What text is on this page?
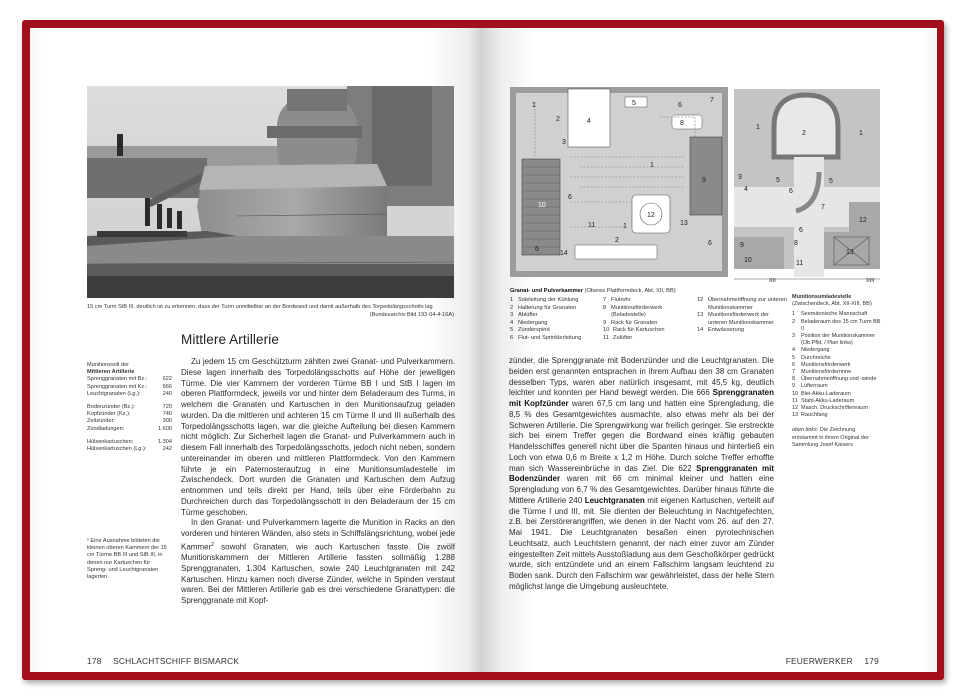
15 cm Turm StB III, deutlich ist zu erkennen, dass der Turm unmittelbar an der Bordwand und damit außerhalb des Torpedolängsschotts lag
(Bundesarchiv Bild 193-04-4-16A)
Mittlere Artillerie
Munitionssoll der
Mittleren Artillerie
Sprenggranaten mit Bz.:	622
Sprenggranaten mit Kz.:	666
Leuchtgranaten (Lg.):	240
Bodenzünder (Bz.):	720
Kopfzünder (Kz.):	740
Zeitzünder:	300
Zündladungen:	1.600
Hülsenkartuschen:	1.304
Hülsenkartuschen (Lg.):	242
² Eine Ausnahme bildeten die kleinen oberen Kammern der 15 cm Türme BB III und StB III, in denen nur Kartuschen für Spreng- und Leuchtgranaten lagerten.

Zu jedem 15 cm Geschützturm zählten zwei Granat- und Pulverkammern. Diese lagen innerhalb des Torpedolängsschotts auf Höhe der jeweiligen Türme. Die vier Kammern der vorderen Türme BB I und StB I lagen im oberen Plattformdeck, jeweils vor und hinter dem Beladeraum des Turms, in welchem die Granaten und Kartuschen in den Munitionsaufzug geladen wurden. Da die mittleren und achteren 15 cm Türme II und III außerhalb des Torpedolängsschotts lagen, war die gleiche Aufteilung bei diesen Kammern nicht möglich. Zur Sicherheit lagen die Granat- und Pulverkammern auch in diesem Fall innerhalb des Torpedolängsschotts, jedoch nicht neben, sondern untereinander im oberen und mittleren Plattformdeck. Von den Kammern führte je ein Paternosteraufzug in eine Munitionsumladestelle im Zwischendeck. Dort wurden die Granaten und Kartuschen dem Aufzug entnommen und teils direkt per Hand, teils über eine Förderbahn zu Durchreichen durch das Torpedolängsschott in den Beladeraum der 15 cm Türme geschoben.

In den Granat- und Pulverkammern lagerte die Munition in Racks an den vorderen und hinteren Wänden, also stets in Schiffslängsrichtung, wobei jede Kammer$^2$ sowohl Granaten, wie auch Kartuschen fasste. Die zwölf Munitionskammern der Mittleren Artillerie fassten sollmäßig 1.288 Sprenggranaten, 1.304 Kartuschen, sowie 240 Leuchtgranaten mit 242 Kartuschen. Hinzu kamen noch diverse Zünder, welche in Spinden verstaut waren. Bei der Mittleren Artillerie gab es drei verschiedene Granattypen: die Sprenggranate mit Kopf-

178 SCHLACHTSCHIFF BISMARCK
1
2
3
4
5	6
7
8
1
9
6
10
12
11	1	13
6
2
14
6
1
2	1
3
4
5
6
5
7
12
6
8
9
10	11
13
XII	XIII
Granat- und Pulverkammer (Oberes Plattformdeck, Abt. XII, BB)
1 Soleleitung der Kühlung
2 Halterung für Granaten
3 Ablüfter
4 Niedergang
5 Zünderspind
6 Flut- und Sprinklerleitung
7 Flutrohr
8 Munitionsförderwerk (Beladestelle)
9 Rack für Granaten
10 Rack für Kartuschen
11 Zulüfter
12 Übernahmeöffnung zur unteren Munitionskammer
13 Munitionsförderwerk der unteren Munitionskammer
14 Entwässerung
Munitionsumladestelle
(Zwischendeck, Abt. XII-XIII, BB)
1	Seemännische Mannschaft
2	Beladeraum des 15 cm Turm BB II
3	Position der Munitionskammer (Ob.Pfld. / Plan links)
4	Niedergang
5	Durchreiche
6	Munitionsförderwerk
7	Munitionsförderrinne
8	Übernahmeöffnung und -winde
9	Lüfterraum
10 Blei-Akku-Laderaum
11 Stahl-Akku-Laderaum
12 Masch. Druckschriftenraum
13 Rauchfang
oben links: Die Zeichnung entstammt in ihrem Original der Sammlung Josef Kaisers

zünder, die Sprenggranate mit Bodenzünder und die Leuchtgranaten. Die beiden erst genannten entsprachen in ihrem Aufbau den 38 cm Granaten desselben Typs, waren aber natürlich insgesamt, mit 45,5 kg, deutlich leichter und konnten per Hand bewegt werden. Die 666 Sprenggranaten mit Kopfzünder waren 67,5 cm lang und hatten eine Sprengladung, die 8,5 % des Gesamtgewichtes ausmachte, also etwas mehr als bei der Schweren Artillerie. Die Sprengwirkung war freilich geringer. Sie erstreckte sich bei einem Treffer gegen die Bordwand eines kräftig gebauten Handelsschiffes generell nicht über die Spanten hinaus und hinterließ ein Loch von etwa 0,6 m Breite x 1,2 m Höhe. Durch solche Treffer erhoffte man sich Wassereinbrüche in das Ziel. Die 622 Sprenggranaten mit Bodenzünder waren mit 66 cm minimal kleiner und hatten eine Sprengladung von 6,7 % des Gesamtgewichtes. Darüber hinaus führte die Mittlere Artillerie 240 Leuchtgranaten mit eigenen Kartuschen, verteilt auf die Türme I und III, mit. Sie dienten der Beleuchtung in Nachtgefechten, z.B. bei Zerstörerangriffen, wie denen in der Nacht vom 26. auf den 27. Mai 1941. Die Leuchtgranaten besaßen einen pyrotechnischen Leuchtsatz, auch Leuchtstern genannt, der nach einer zuvor am Zünder eingestellten Zeit mittels Ausstoßladung aus dem Geschoßkörper gedrückt wurde, sich entzündete und an einem Fallschirm langsam leuchtend zu Boden sank. Durch den Fallschirm war gewährleistet, dass der helle Stern möglichst lange die Umgebung ausleuchtete.

FEUERWERKER 179
